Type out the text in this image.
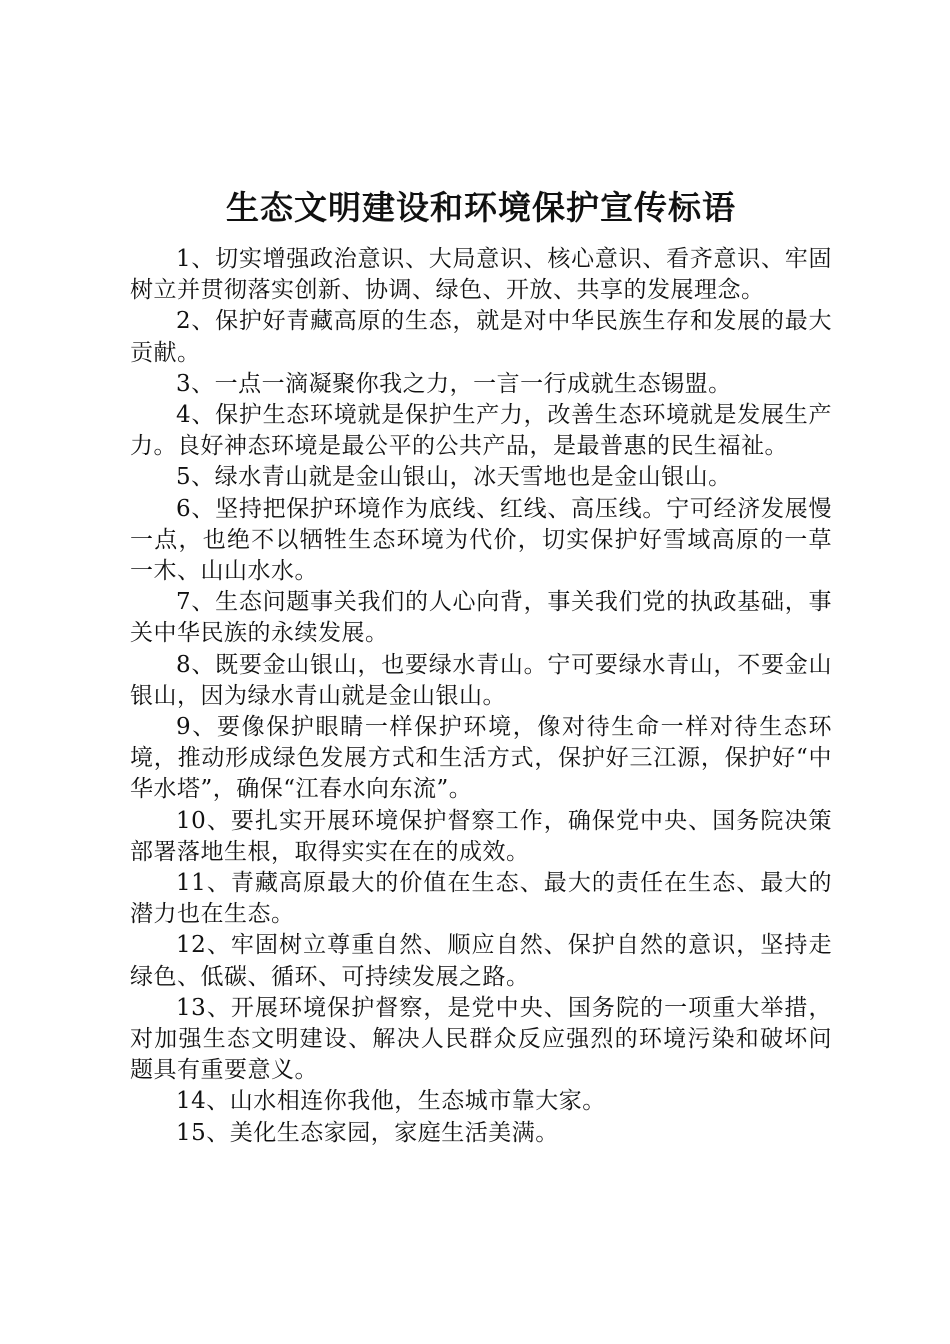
生态文明建设和环境保护宣传标语

1、切实增强政治意识、大局意识、核心意识、看齐意识、牢固树立并贯彻落实创新、协调、绿色、开放、共享的发展理念。

2、保护好青藏高原的生态，就是对中华民族生存和发展的最大贡献。

3、一点一滴凝聚你我之力，一言一行成就生态锡盟。

4、保护生态环境就是保护生产力，改善生态环境就是发展生产力。良好神态环境是最公平的公共产品，是最普惠的民生福祉。

5、绿水青山就是金山银山，冰天雪地也是金山银山。

6、坚持把保护环境作为底线、红线、高压线。宁可经济发展慢一点，也绝不以牺牲生态环境为代价，切实保护好雪域高原的一草一木、山山水水。

7、生态问题事关我们的人心向背，事关我们党的执政基础，事关中华民族的永续发展。

8、既要金山银山，也要绿水青山。宁可要绿水青山，不要金山银山，因为绿水青山就是金山银山。

9、要像保护眼睛一样保护环境，像对待生命一样对待生态环境，推动形成绿色发展方式和生活方式，保护好三江源，保护好“中华水塔”，确保“江春水向东流”。

10、要扎实开展环境保护督察工作，确保党中央、国务院决策部署落地生根，取得实实在在的成效。

11、青藏高原最大的价值在生态、最大的责任在生态、最大的潜力也在生态。

12、牢固树立尊重自然、顺应自然、保护自然的意识，坚持走绿色、低碳、循环、可持续发展之路。

13、开展环境保护督察，是党中央、国务院的一项重大举措，对加强生态文明建设、解决人民群众反应强烈的环境污染和破坏问题具有重要意义。

14、山水相连你我他，生态城市靠大家。

15、美化生态家园，家庭生活美满。
